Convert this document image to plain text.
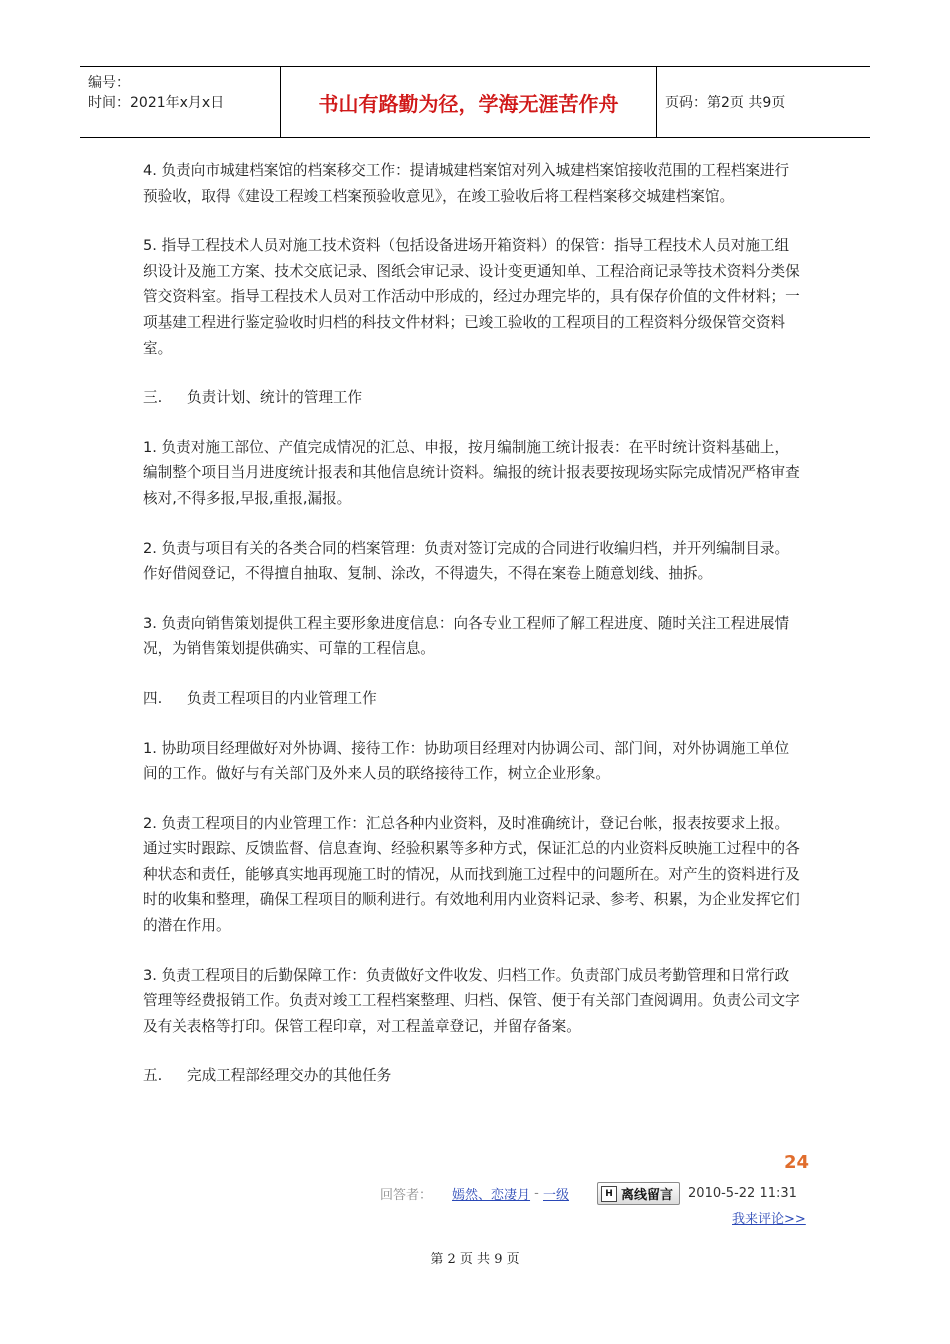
编号：
时间：2021年x月x日	书山有路勤为径，学海无涯苦作舟	页码：第2页 共9页

4. 负责向市城建档案馆的档案移交工作：提请城建档案馆对列入城建档案馆接收范围的工程档案进行预验收，取得《建设工程竣工档案预验收意见》，在竣工验收后将工程档案移交城建档案馆。

5. 指导工程技术人员对施工技术资料（包括设备进场开箱资料）的保管：指导工程技术人员对施工组织设计及施工方案、技术交底记录、图纸会审记录、设计变更通知单、工程洽商记录等技术资料分类保管交资料室。指导工程技术人员对工作活动中形成的，经过办理完毕的，具有保存价值的文件材料；一项基建工程进行鉴定验收时归档的科技文件材料；已竣工验收的工程项目的工程资料分级保管交资料室。

三. 负责计划、统计的管理工作

1. 负责对施工部位、产值完成情况的汇总、申报，按月编制施工统计报表：在平时统计资料基础上，编制整个项目当月进度统计报表和其他信息统计资料。编报的统计报表要按现场实际完成情况严格审查核对,不得多报,早报,重报,漏报。

2. 负责与项目有关的各类合同的档案管理：负责对签订完成的合同进行收编归档，并开列编制目录。作好借阅登记，不得擅自抽取、复制、涂改，不得遗失，不得在案卷上随意划线、抽拆。

3. 负责向销售策划提供工程主要形象进度信息：向各专业工程师了解工程进度、随时关注工程进展情况，为销售策划提供确实、可靠的工程信息。

四. 负责工程项目的内业管理工作

1. 协助项目经理做好对外协调、接待工作：协助项目经理对内协调公司、部门间，对外协调施工单位间的工作。做好与有关部门及外来人员的联络接待工作，树立企业形象。

2. 负责工程项目的内业管理工作：汇总各种内业资料，及时准确统计，登记台帐，报表按要求上报。通过实时跟踪、反馈监督、信息查询、经验积累等多种方式，保证汇总的内业资料反映施工过程中的各种状态和责任，能够真实地再现施工时的情况，从而找到施工过程中的问题所在。对产生的资料进行及时的收集和整理，确保工程项目的顺利进行。有效地利用内业资料记录、参考、积累，为企业发挥它们的潜在作用。

3. 负责工程项目的后勤保障工作：负责做好文件收发、归档工作。负责部门成员考勤管理和日常行政管理等经费报销工作。负责对竣工工程档案整理、归档、保管、便于有关部门查阅调用。负责公司文字及有关表格等打印。保管工程印章，对工程盖章登记，并留存备案。

五. 完成工程部经理交办的其他任务
24
回答者： 嫣然、恋凄月 - 一级	H 离线留言 2010-5-22 11:31
我来评论>>
第 2 页 共 9 页
